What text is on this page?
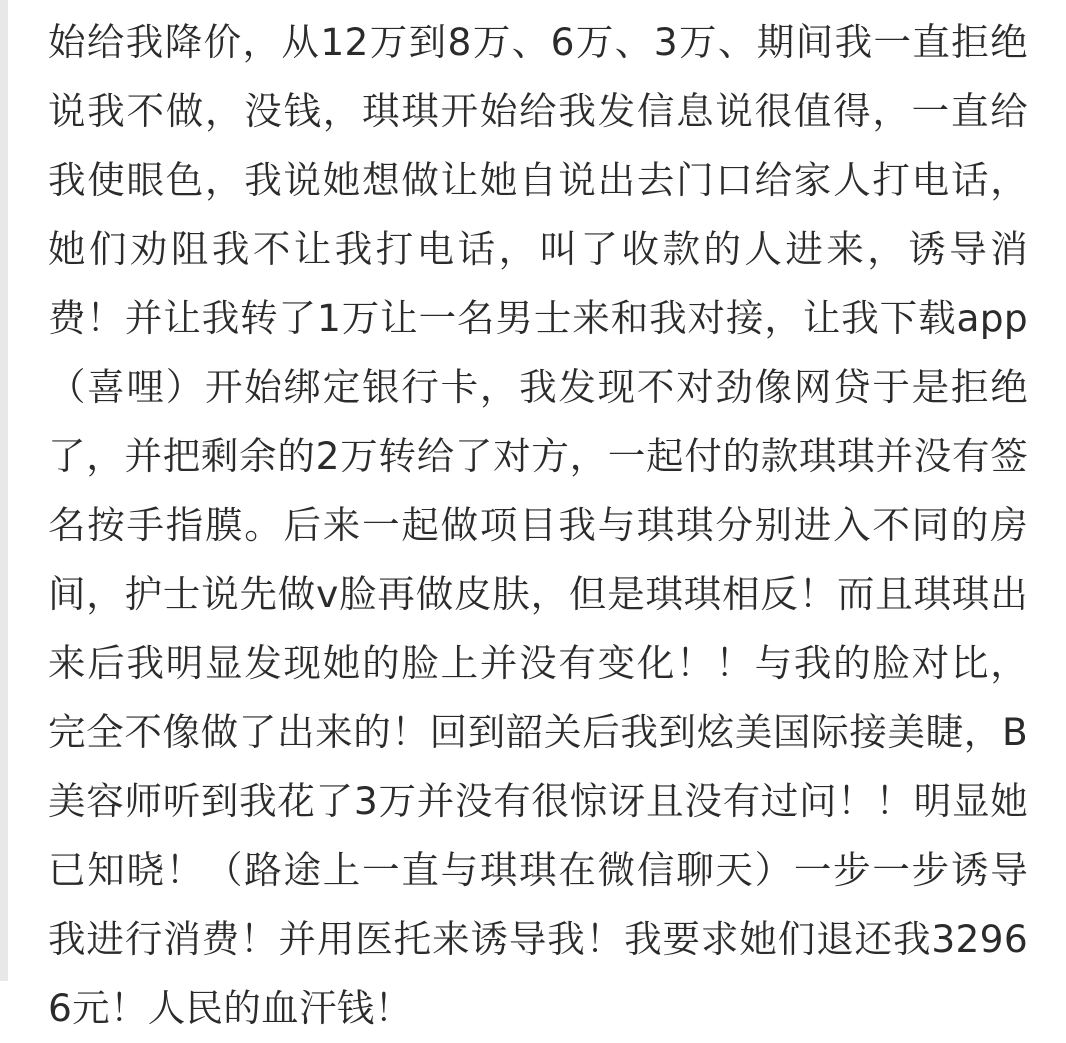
始给我降价，从12万到8万、6万、3万、期间我一直拒绝说我不做，没钱，琪琪开始给我发信息说很值得，一直给我使眼色，我说她想做让她自说出去门口给家人打电话，她们劝阻我不让我打电话，叫了收款的人进来，诱导消费！并让我转了1万让一名男士来和我对接，让我下载app（喜哩）开始绑定银行卡，我发现不对劲像网贷于是拒绝了，并把剩余的2万转给了对方，一起付的款琪琪并没有签名按手指膜。后来一起做项目我与琪琪分别进入不同的房间，护士说先做v脸再做皮肤，但是琪琪相反！而且琪琪出来后我明显发现她的脸上并没有变化！！与我的脸对比，完全不像做了出来的！回到韶关后我到炫美国际接美睫，B美容师听到我花了3万并没有很惊讶且没有过问！！明显她已知晓！（路途上一直与琪琪在微信聊天）一步一步诱导我进行消费！并用医托来诱导我！我要求她们退还我32966元！人民的血汗钱！
